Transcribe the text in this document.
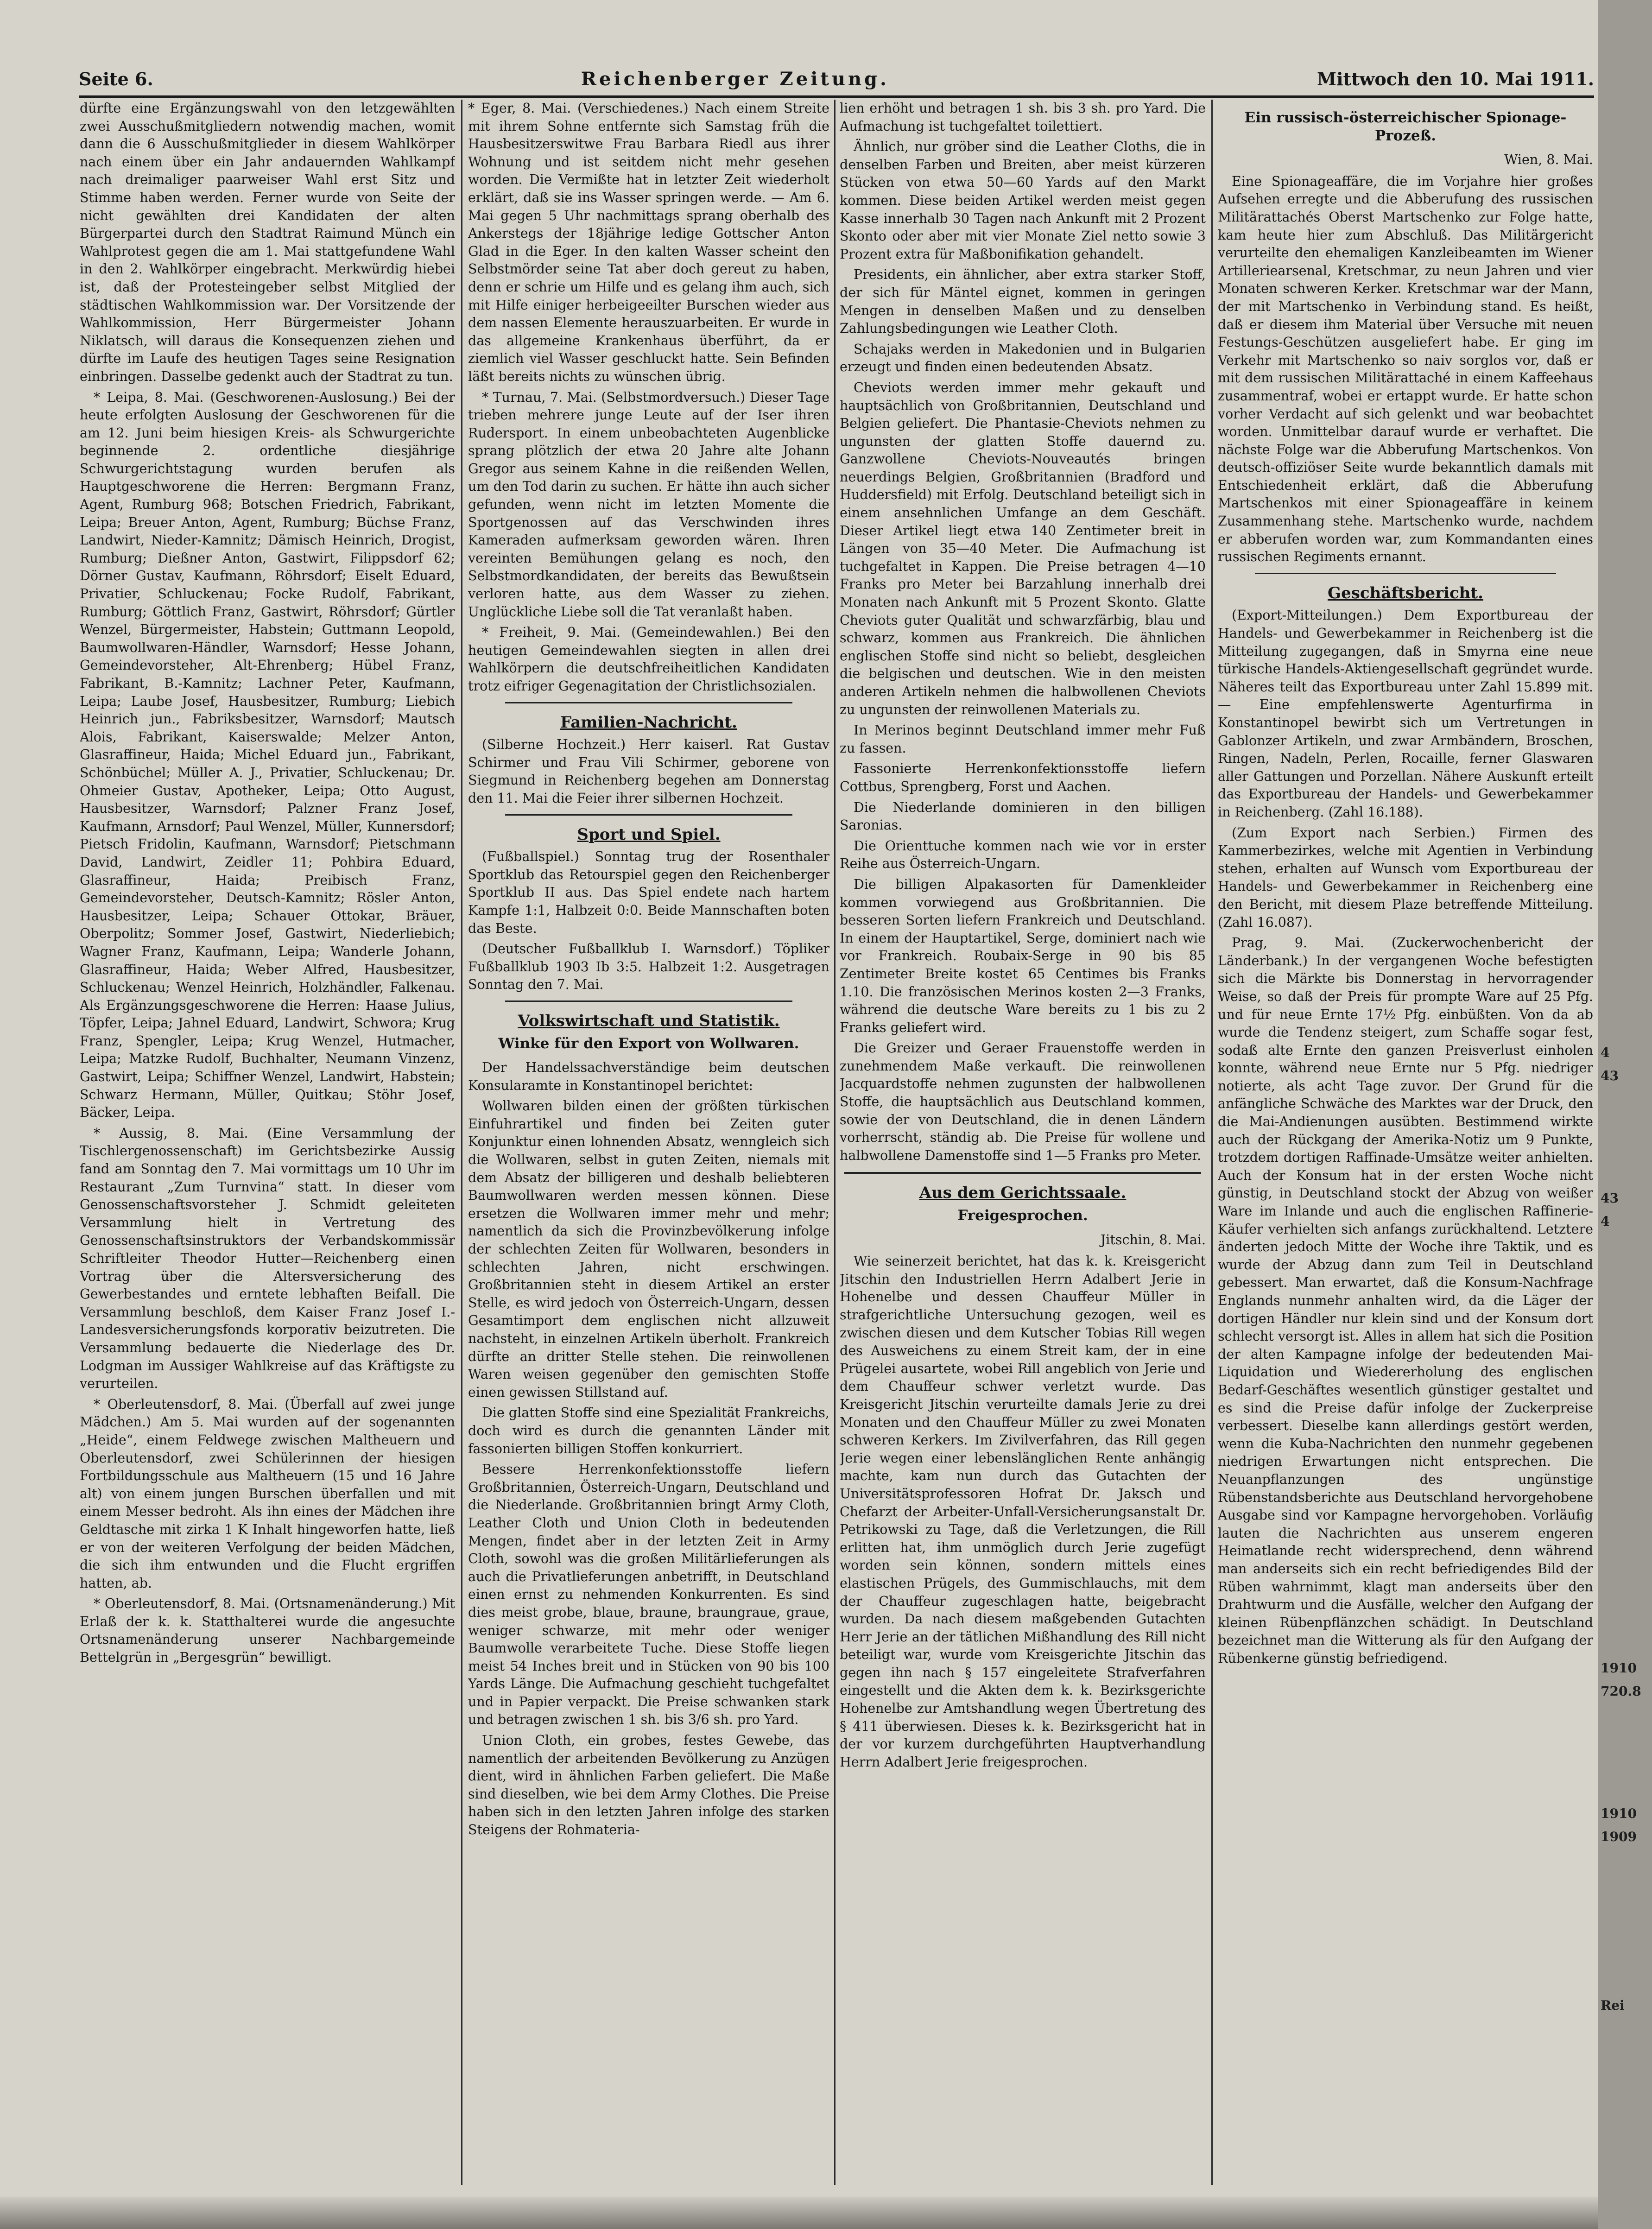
Seite 6.	Reichenberger Zeitung.	Mittwoch den 10. Mai 1911.

dürfte eine Ergänzungswahl von den letzgewählten zwei Ausschußmitgliedern notwendig machen, womit dann die 6 Ausschußmitglieder in diesem Wahlkörper nach einem über ein Jahr andauernden Wahlkampf nach dreimaliger paarweiser Wahl erst Sitz und Stimme haben werden. Ferner wurde von Seite der nicht gewählten drei Kandidaten der alten Bürgerpartei durch den Stadtrat Raimund Münch ein Wahlprotest gegen die am 1. Mai stattgefundene Wahl in den 2. Wahlkörper eingebracht. Merkwürdig hiebei ist, daß der Protesteingeber selbst Mitglied der städtischen Wahlkommission war. Der Vorsitzende der Wahlkommission, Herr Bürgermeister Johann Niklatsch, will daraus die Konsequenzen ziehen und dürfte im Laufe des heutigen Tages seine Resignation einbringen. Dasselbe gedenkt auch der Stadtrat zu tun.

* Leipa, 8. Mai. (Geschworenen-Auslosung.) Bei der heute erfolgten Auslosung der Geschworenen für die am 12. Juni beim hiesigen Kreis- als Schwurgerichte beginnende 2. ordentliche diesjährige Schwurgerichtstagung wurden berufen als Hauptgeschworene die Herren: Bergmann Franz, Agent, Rumburg 968; Botschen Friedrich, Fabrikant, Leipa; Breuer Anton, Agent, Rumburg; Büchse Franz, Landwirt, Nieder-Kamnitz; Dämisch Heinrich, Drogist, Rumburg; Dießner Anton, Gastwirt, Filippsdorf 62; Dörner Gustav, Kaufmann, Röhrsdorf; Eiselt Eduard, Privatier, Schluckenau; Focke Rudolf, Fabrikant, Rumburg; Göttlich Franz, Gastwirt, Röhrsdorf; Gürtler Wenzel, Bürgermeister, Habstein; Guttmann Leopold, Baumwollwaren-Händler, Warnsdorf; Hesse Johann, Gemeindevorsteher, Alt-Ehrenberg; Hübel Franz, Fabrikant, B.-Kamnitz; Lachner Peter, Kaufmann, Leipa; Laube Josef, Hausbesitzer, Rumburg; Liebich Heinrich jun., Fabriksbesitzer, Warnsdorf; Mautsch Alois, Fabrikant, Kaiserswalde; Melzer Anton, Glasraffineur, Haida; Michel Eduard jun., Fabrikant, Schönbüchel; Müller A. J., Privatier, Schluckenau; Dr. Ohmeier Gustav, Apotheker, Leipa; Otto August, Hausbesitzer, Warnsdorf; Palzner Franz Josef, Kaufmann, Arnsdorf; Paul Wenzel, Müller, Kunnersdorf; Pietsch Fridolin, Kaufmann, Warnsdorf; Pietschmann David, Landwirt, Zeidler 11; Pohbira Eduard, Glasraffineur, Haida; Preibisch Franz, Gemeindevorsteher, Deutsch-Kamnitz; Rösler Anton, Hausbesitzer, Leipa; Schauer Ottokar, Bräuer, Oberpolitz; Sommer Josef, Gastwirt, Niederliebich; Wagner Franz, Kaufmann, Leipa; Wanderle Johann, Glasraffineur, Haida; Weber Alfred, Hausbesitzer, Schluckenau; Wenzel Heinrich, Holzhändler, Falkenau. Als Ergänzungsgeschworene die Herren: Haase Julius, Töpfer, Leipa; Jahnel Eduard, Landwirt, Schwora; Krug Franz, Spengler, Leipa; Krug Wenzel, Hutmacher, Leipa; Matzke Rudolf, Buchhalter, Neumann Vinzenz, Gastwirt, Leipa; Schiffner Wenzel, Landwirt, Habstein; Schwarz Hermann, Müller, Quitkau; Stöhr Josef, Bäcker, Leipa.

* Aussig, 8. Mai. (Eine Versammlung der Tischlergenossenschaft) im Gerichtsbezirke Aussig fand am Sonntag den 7. Mai vormittags um 10 Uhr im Restaurant „Zum Turnvina“ statt. In dieser vom Genossenschaftsvorsteher J. Schmidt geleiteten Versammlung hielt in Vertretung des Genossenschaftsinstruktors der Verbandskommissär Schriftleiter Theodor Hutter—Reichenberg einen Vortrag über die Altersversicherung des Gewerbestandes und erntete lebhaften Beifall. Die Versammlung beschloß, dem Kaiser Franz Josef I.-Landesversicherungsfonds korporativ beizutreten. Die Versammlung bedauerte die Niederlage des Dr. Lodgman im Aussiger Wahlkreise auf das Kräftigste zu verurteilen.

* Oberleutensdorf, 8. Mai. (Überfall auf zwei junge Mädchen.) Am 5. Mai wurden auf der sogenannten „Heide“, einem Feldwege zwischen Maltheuern und Oberleutensdorf, zwei Schülerinnen der hiesigen Fortbildungsschule aus Maltheuern (15 und 16 Jahre alt) von einem jungen Burschen überfallen und mit einem Messer bedroht. Als ihn eines der Mädchen ihre Geldtasche mit zirka 1 K Inhalt hingeworfen hatte, ließ er von der weiteren Verfolgung der beiden Mädchen, die sich ihm entwunden und die Flucht ergriffen hatten, ab.

* Oberleutensdorf, 8. Mai. (Ortsnamenänderung.) Mit Erlaß der k. k. Statthalterei wurde die angesuchte Ortsnamenänderung unserer Nachbargemeinde Bettelgrün in „Bergesgrün“ bewilligt.

* Eger, 8. Mai. (Verschiedenes.) Nach einem Streite mit ihrem Sohne entfernte sich Samstag früh die Hausbesitzerswitwe Frau Barbara Riedl aus ihrer Wohnung und ist seitdem nicht mehr gesehen worden. Die Vermißte hat in letzter Zeit wiederholt erklärt, daß sie ins Wasser springen werde. — Am 6. Mai gegen 5 Uhr nachmittags sprang oberhalb des Ankerstegs der 18jährige ledige Gottscher Anton Glad in die Eger. In den kalten Wasser scheint den Selbstmörder seine Tat aber doch gereut zu haben, denn er schrie um Hilfe und es gelang ihm auch, sich mit Hilfe einiger herbeigeeilter Burschen wieder aus dem nassen Elemente herauszuarbeiten. Er wurde in das allgemeine Krankenhaus überführt, da er ziemlich viel Wasser geschluckt hatte. Sein Befinden läßt bereits nichts zu wünschen übrig.

* Turnau, 7. Mai. (Selbstmordversuch.) Dieser Tage trieben mehrere junge Leute auf der Iser ihren Rudersport. In einem unbeobachteten Augenblicke sprang plötzlich der etwa 20 Jahre alte Johann Gregor aus seinem Kahne in die reißenden Wellen, um den Tod darin zu suchen. Er hätte ihn auch sicher gefunden, wenn nicht im letzten Momente die Sportgenossen auf das Verschwinden ihres Kameraden aufmerksam geworden wären. Ihren vereinten Bemühungen gelang es noch, den Selbstmordkandidaten, der bereits das Bewußtsein verloren hatte, aus dem Wasser zu ziehen. Unglückliche Liebe soll die Tat veranlaßt haben.

* Freiheit, 9. Mai. (Gemeindewahlen.) Bei den heutigen Gemeindewahlen siegten in allen drei Wahlkörpern die deutschfreiheitlichen Kandidaten trotz eifriger Gegenagitation der Christlichsozialen.

Familien-Nachricht.

(Silberne Hochzeit.) Herr kaiserl. Rat Gustav Schirmer und Frau Vili Schirmer, geborene von Siegmund in Reichenberg begehen am Donnerstag den 11. Mai die Feier ihrer silbernen Hochzeit.

Sport und Spiel.

(Fußballspiel.) Sonntag trug der Rosenthaler Sportklub das Retourspiel gegen den Reichenberger Sportklub II aus. Das Spiel endete nach hartem Kampfe 1:1, Halbzeit 0:0. Beide Mannschaften boten das Beste.

(Deutscher Fußballklub I. Warnsdorf.) Töpliker Fußballklub 1903 Ib 3:5. Halbzeit 1:2. Ausgetragen Sonntag den 7. Mai.

Volkswirtschaft und Statistik.
Winke für den Export von Wollwaren.

Der Handelssachverständige beim deutschen Konsularamte in Konstantinopel berichtet:

Wollwaren bilden einen der größten türkischen Einfuhrartikel und finden bei Zeiten guter Konjunktur einen lohnenden Absatz, wenngleich sich die Wollwaren, selbst in guten Zeiten, niemals mit dem Absatz der billigeren und deshalb beliebteren Baumwollwaren werden messen können. Diese ersetzen die Wollwaren immer mehr und mehr; namentlich da sich die Provinzbevölkerung infolge der schlechten Zeiten für Wollwaren, besonders in schlechten Jahren, nicht erschwingen. Großbritannien steht in diesem Artikel an erster Stelle, es wird jedoch von Österreich-Ungarn, dessen Gesamtimport dem englischen nicht allzuweit nachsteht, in einzelnen Artikeln überholt. Frankreich dürfte an dritter Stelle stehen. Die reinwollenen Waren weisen gegenüber den gemischten Stoffe einen gewissen Stillstand auf.

Die glatten Stoffe sind eine Spezialität Frankreichs, doch wird es durch die genannten Länder mit fassonierten billigen Stoffen konkurriert.

Bessere Herrenkonfektionsstoffe liefern Großbritannien, Österreich-Ungarn, Deutschland und die Niederlande. Großbritannien bringt Army Cloth, Leather Cloth und Union Cloth in bedeutenden Mengen, findet aber in der letzten Zeit in Army Cloth, sowohl was die großen Militärlieferungen als auch die Privatlieferungen anbetrifft, in Deutschland einen ernst zu nehmenden Konkurrenten. Es sind dies meist grobe, blaue, braune, braungraue, graue, weniger schwarze, mit mehr oder weniger Baumwolle verarbeitete Tuche. Diese Stoffe liegen meist 54 Inches breit und in Stücken von 90 bis 100 Yards Länge. Die Aufmachung geschieht tuchgefaltet und in Papier verpackt. Die Preise schwanken stark und betragen zwischen 1 sh. bis 3/6 sh. pro Yard.

Union Cloth, ein grobes, festes Gewebe, das namentlich der arbeitenden Bevölkerung zu Anzügen dient, wird in ähnlichen Farben geliefert. Die Maße sind dieselben, wie bei dem Army Clothes. Die Preise haben sich in den letzten Jahren infolge des starken Steigens der Rohmateria-

lien erhöht und betragen 1 sh. bis 3 sh. pro Yard. Die Aufmachung ist tuchgefaltet toilettiert.

Ähnlich, nur gröber sind die Leather Cloths, die in denselben Farben und Breiten, aber meist kürzeren Stücken von etwa 50—60 Yards auf den Markt kommen. Diese beiden Artikel werden meist gegen Kasse innerhalb 30 Tagen nach Ankunft mit 2 Prozent Skonto oder aber mit vier Monate Ziel netto sowie 3 Prozent extra für Maßbonifikation gehandelt.

Presidents, ein ähnlicher, aber extra starker Stoff, der sich für Mäntel eignet, kommen in geringen Mengen in denselben Maßen und zu denselben Zahlungsbedingungen wie Leather Cloth.

Schajaks werden in Makedonien und in Bulgarien erzeugt und finden einen bedeutenden Absatz.

Cheviots werden immer mehr gekauft und hauptsächlich von Großbritannien, Deutschland und Belgien geliefert. Die Phantasie-Cheviots nehmen zu ungunsten der glatten Stoffe dauernd zu. Ganzwollene Cheviots-Nouveautés bringen neuerdings Belgien, Großbritannien (Bradford und Huddersfield) mit Erfolg. Deutschland beteiligt sich in einem ansehnlichen Umfange an dem Geschäft. Dieser Artikel liegt etwa 140 Zentimeter breit in Längen von 35—40 Meter. Die Aufmachung ist tuchgefaltet in Kappen. Die Preise betragen 4—10 Franks pro Meter bei Barzahlung innerhalb drei Monaten nach Ankunft mit 5 Prozent Skonto. Glatte Cheviots guter Qualität und schwarzfärbig, blau und schwarz, kommen aus Frankreich. Die ähnlichen englischen Stoffe sind nicht so beliebt, desgleichen die belgischen und deutschen. Wie in den meisten anderen Artikeln nehmen die halbwollenen Cheviots zu ungunsten der reinwollenen Materials zu.

In Merinos beginnt Deutschland immer mehr Fuß zu fassen.

Fassonierte Herrenkonfektionsstoffe liefern Cottbus, Sprengberg, Forst und Aachen.

Die Niederlande dominieren in den billigen Saronias.

Die Orienttuche kommen nach wie vor in erster Reihe aus Österreich-Ungarn.

Die billigen Alpakasorten für Damenkleider kommen vorwiegend aus Großbritannien. Die besseren Sorten liefern Frankreich und Deutschland. In einem der Hauptartikel, Serge, dominiert nach wie vor Frankreich. Roubaix-Serge in 90 bis 85 Zentimeter Breite kostet 65 Centimes bis Franks 1.10. Die französischen Merinos kosten 2—3 Franks, während die deutsche Ware bereits zu 1 bis zu 2 Franks geliefert wird.

Die Greizer und Geraer Frauenstoffe werden in zunehmendem Maße verkauft. Die reinwollenen Jacquardstoffe nehmen zugunsten der halbwollenen Stoffe, die hauptsächlich aus Deutschland kommen, sowie der von Deutschland, die in denen Ländern vorherrscht, ständig ab. Die Preise für wollene und halbwollene Damenstoffe sind 1—5 Franks pro Meter.

Aus dem Gerichtssaale.
Freigesprochen.
Jitschin, 8. Mai.

Wie seinerzeit berichtet, hat das k. k. Kreisgericht Jitschin den Industriellen Herrn Adalbert Jerie in Hohenelbe und dessen Chauffeur Müller in strafgerichtliche Untersuchung gezogen, weil es zwischen diesen und dem Kutscher Tobias Rill wegen des Ausweichens zu einem Streit kam, der in eine Prügelei ausartete, wobei Rill angeblich von Jerie und dem Chauffeur schwer verletzt wurde. Das Kreisgericht Jitschin verurteilte damals Jerie zu drei Monaten und den Chauffeur Müller zu zwei Monaten schweren Kerkers. Im Zivilverfahren, das Rill gegen Jerie wegen einer lebenslänglichen Rente anhängig machte, kam nun durch das Gutachten der Universitätsprofessoren Hofrat Dr. Jaksch und Chefarzt der Arbeiter-Unfall-Versicherungsanstalt Dr. Petrikowski zu Tage, daß die Verletzungen, die Rill erlitten hat, ihm unmöglich durch Jerie zugefügt worden sein können, sondern mittels eines elastischen Prügels, des Gummischlauchs, mit dem der Chauffeur zugeschlagen hatte, beigebracht wurden. Da nach diesem maßgebenden Gutachten Herr Jerie an der tätlichen Mißhandlung des Rill nicht beteiligt war, wurde vom Kreisgerichte Jitschin das gegen ihn nach § 157 eingeleitete Strafverfahren eingestellt und die Akten dem k. k. Bezirksgerichte Hohenelbe zur Amtshandlung wegen Übertretung des § 411 überwiesen. Dieses k. k. Bezirksgericht hat in der vor kurzem durchgeführten Hauptverhandlung Herrn Adalbert Jerie freigesprochen.

Ein russisch-österreichischer Spionage-Prozeß.
Wien, 8. Mai.

Eine Spionageaffäre, die im Vorjahre hier großes Aufsehen erregte und die Abberufung des russischen Militärattachés Oberst Martschenko zur Folge hatte, kam heute hier zum Abschluß. Das Militärgericht verurteilte den ehemaligen Kanzleibeamten im Wiener Artilleriearsenal, Kretschmar, zu neun Jahren und vier Monaten schweren Kerker. Kretschmar war der Mann, der mit Martschenko in Verbindung stand. Es heißt, daß er diesem ihm Material über Versuche mit neuen Festungs-Geschützen ausgeliefert habe. Er ging im Verkehr mit Martschenko so naiv sorglos vor, daß er mit dem russischen Militärattaché in einem Kaffeehaus zusammentraf, wobei er ertappt wurde. Er hatte schon vorher Verdacht auf sich gelenkt und war beobachtet worden. Unmittelbar darauf wurde er verhaftet. Die nächste Folge war die Abberufung Martschenkos. Von deutsch-offiziöser Seite wurde bekanntlich damals mit Entschiedenheit erklärt, daß die Abberufung Martschenkos mit einer Spionageaffäre in keinem Zusammenhang stehe. Martschenko wurde, nachdem er abberufen worden war, zum Kommandanten eines russischen Regiments ernannt.

Geschäftsbericht.

(Export-Mitteilungen.) Dem Exportbureau der Handels- und Gewerbekammer in Reichenberg ist die Mitteilung zugegangen, daß in Smyrna eine neue türkische Handels-Aktiengesellschaft gegründet wurde. Näheres teilt das Exportbureau unter Zahl 15.899 mit. — Eine empfehlenswerte Agenturfirma in Konstantinopel bewirbt sich um Vertretungen in Gablonzer Artikeln, und zwar Armbändern, Broschen, Ringen, Nadeln, Perlen, Rocaille, ferner Glaswaren aller Gattungen und Porzellan. Nähere Auskunft erteilt das Exportbureau der Handels- und Gewerbekammer in Reichenberg. (Zahl 16.188).

(Zum Export nach Serbien.) Firmen des Kammerbezirkes, welche mit Agentien in Verbindung stehen, erhalten auf Wunsch vom Exportbureau der Handels- und Gewerbekammer in Reichenberg eine den Bericht, mit diesem Plaze betreffende Mitteilung. (Zahl 16.087).

Prag, 9. Mai. (Zuckerwochenbericht der Länderbank.) In der vergangenen Woche befestigten sich die Märkte bis Donnerstag in hervorragender Weise, so daß der Preis für prompte Ware auf 25 Pfg. und für neue Ernte 17½ Pfg. einbüßten. Von da ab wurde die Tendenz steigert, zum Schaffe sogar fest, sodaß alte Ernte den ganzen Preisverlust einholen konnte, während neue Ernte nur 5 Pfg. niedriger notierte, als acht Tage zuvor. Der Grund für die anfängliche Schwäche des Marktes war der Druck, den die Mai-Andienungen ausübten. Bestimmend wirkte auch der Rückgang der Amerika-Notiz um 9 Punkte, trotzdem dortigen Raffinade-Umsätze weiter anhielten. Auch der Konsum hat in der ersten Woche nicht günstig, in Deutschland stockt der Abzug von weißer Ware im Inlande und auch die englischen Raffinerie-Käufer verhielten sich anfangs zurückhaltend. Letztere änderten jedoch Mitte der Woche ihre Taktik, und es wurde der Abzug dann zum Teil in Deutschland gebessert. Man erwartet, daß die Konsum-Nachfrage Englands nunmehr anhalten wird, da die Läger der dortigen Händler nur klein sind und der Konsum dort schlecht versorgt ist. Alles in allem hat sich die Position der alten Kampagne infolge der bedeutenden Mai-Liquidation und Wiedererholung des englischen Bedarf-Geschäftes wesentlich günstiger gestaltet und es sind die Preise dafür infolge der Zuckerpreise verbessert. Dieselbe kann allerdings gestört werden, wenn die Kuba-Nachrichten den nunmehr gegebenen niedrigen Erwartungen nicht entsprechen. Die Neuanpflanzungen des ungünstige Rübenstandsberichte aus Deutschland hervorgehobene Ausgabe sind vor Kampagne hervorgehoben. Vorläufig lauten die Nachrichten aus unserem engeren Heimatlande recht widersprechend, denn während man anderseits sich ein recht befriedigendes Bild der Rüben wahrnimmt, klagt man anderseits über den Drahtwurm und die Ausfälle, welcher den Aufgang der kleinen Rübenpflänzchen schädigt. In Deutschland bezeichnet man die Witterung als für den Aufgang der Rübenkerne günstig befriedigend.

4
43
43
4
1910
720.8
1910
1909
Rei
